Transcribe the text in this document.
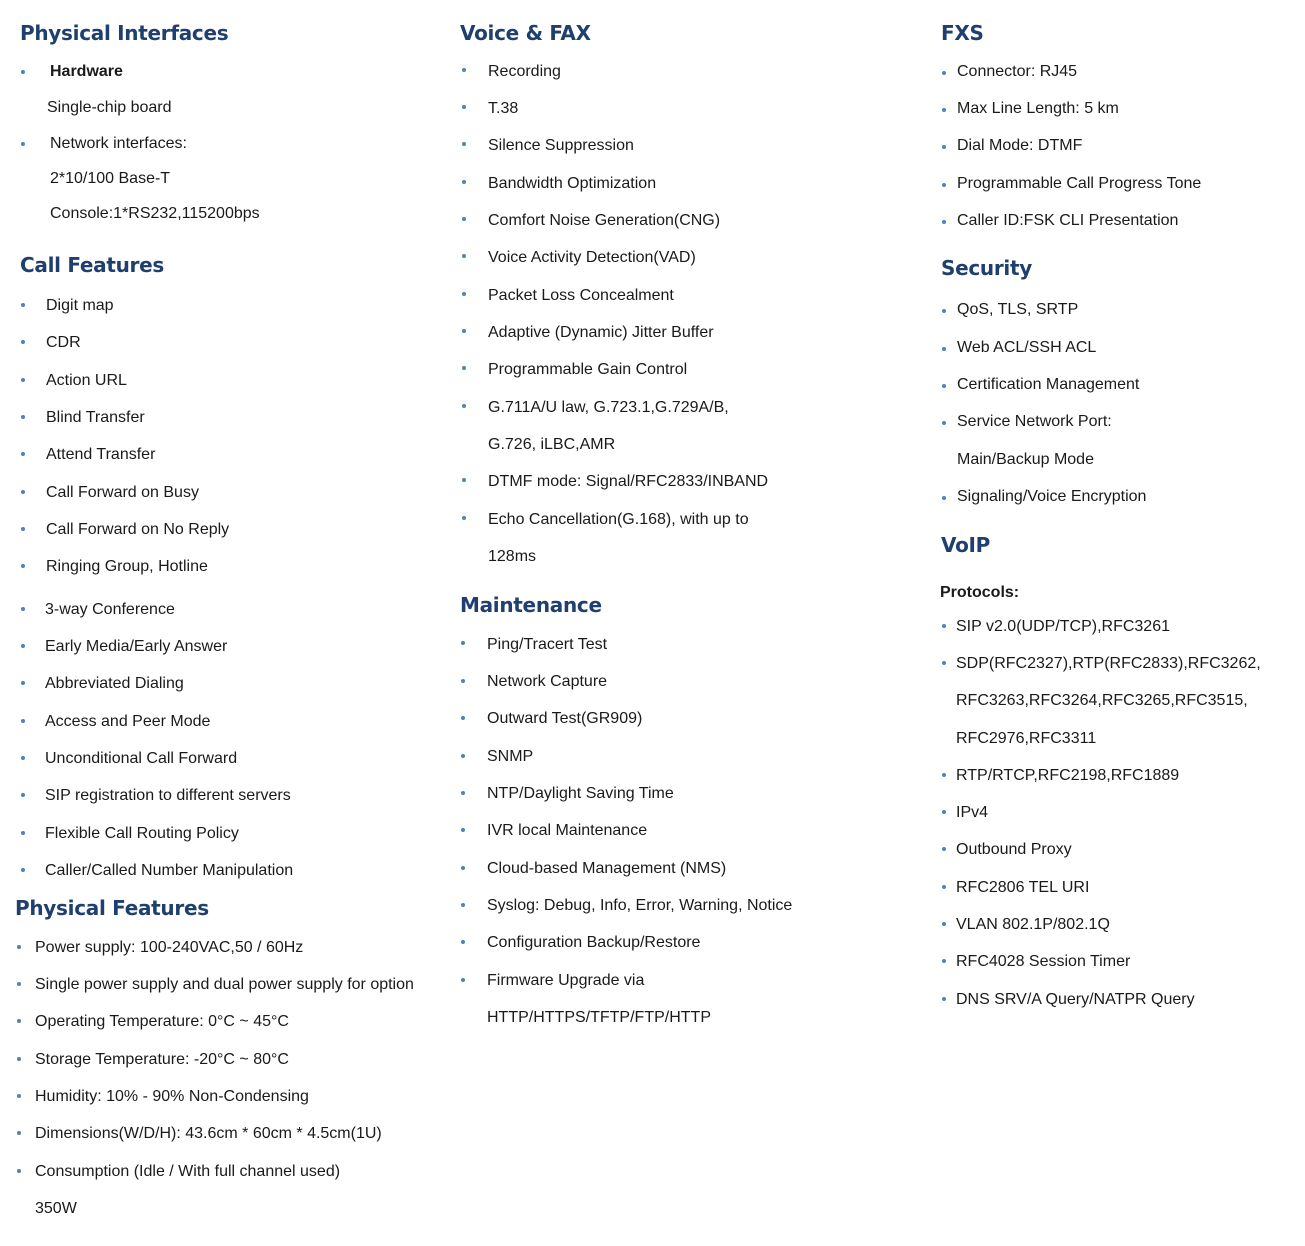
Physical Interfaces
Hardware
Single-chip board
Network interfaces:
2*10/100 Base-T
Console:1*RS232,115200bps
Call Features
Digit map
CDR
Action URL
Blind Transfer
Attend Transfer
Call Forward on Busy
Call Forward on No Reply
Ringing Group, Hotline
3-way Conference
Early Media/Early Answer
Abbreviated Dialing
Access and Peer Mode
Unconditional Call Forward
SIP registration to different servers
Flexible Call Routing Policy
Caller/Called Number Manipulation
Physical Features
Power supply: 100-240VAC,50 / 60Hz
Single power supply and dual power supply for option
Operating Temperature: 0°C ~ 45°C
Storage Temperature: -20°C ~ 80°C
Humidity: 10% - 90% Non-Condensing
Dimensions(W/D/H): 43.6cm * 60cm * 4.5cm(1U)
Consumption (Idle / With full channel used)
350W
Voice & FAX
Recording
T.38
Silence Suppression
Bandwidth Optimization
Comfort Noise Generation(CNG)
Voice Activity Detection(VAD)
Packet Loss Concealment
Adaptive (Dynamic) Jitter Buffer
Programmable Gain Control
G.711A/U law, G.723.1,G.729A/B,
G.726, iLBC,AMR
DTMF mode: Signal/RFC2833/INBAND
Echo Cancellation(G.168), with up to
128ms
Maintenance
Ping/Tracert Test
Network Capture
Outward Test(GR909)
SNMP
NTP/Daylight Saving Time
IVR local Maintenance
Cloud-based Management (NMS)
Syslog: Debug, Info, Error, Warning, Notice
Configuration Backup/Restore
Firmware Upgrade via
HTTP/HTTPS/TFTP/FTP/HTTP
FXS
Connector: RJ45
Max Line Length: 5 km
Dial Mode: DTMF
Programmable Call Progress Tone
Caller ID:FSK CLI Presentation
Security
QoS, TLS, SRTP
Web ACL/SSH ACL
Certification Management
Service Network Port:
Main/Backup Mode
Signaling/Voice Encryption
VoIP
Protocols:
SIP v2.0(UDP/TCP),RFC3261
SDP(RFC2327),RTP(RFC2833),RFC3262,
RFC3263,RFC3264,RFC3265,RFC3515,
RFC2976,RFC3311
RTP/RTCP,RFC2198,RFC1889
IPv4
Outbound Proxy
RFC2806 TEL URI
VLAN 802.1P/802.1Q
RFC4028 Session Timer
DNS SRV/A Query/NATPR Query
